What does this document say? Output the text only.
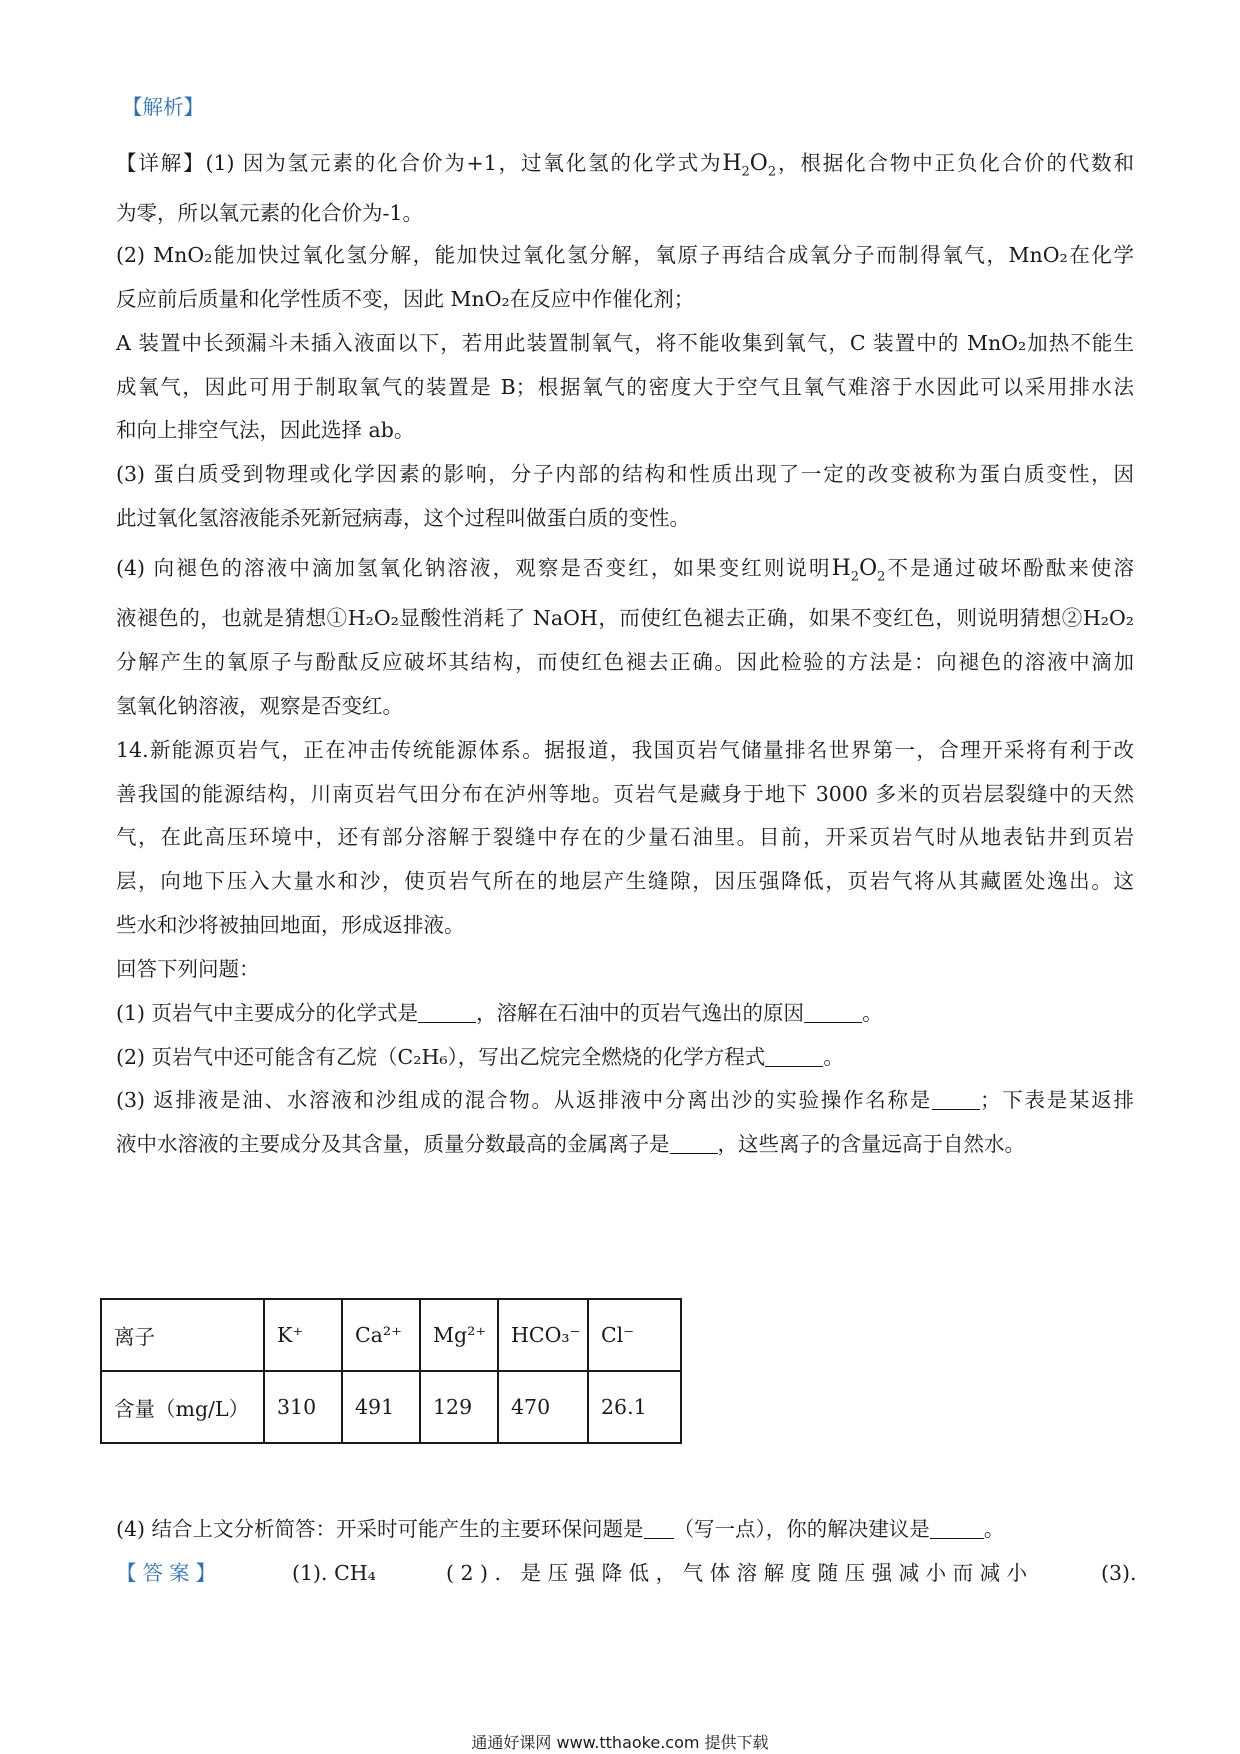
【解析】
【详解】(1) 因为氢元素的化合价为+1，过氧化氢的化学式为$H_2O_2$，根据化合物中正负化合价的代数和
为零，所以氧元素的化合价为-1。
(2) MnO₂能加快过氧化氢分解，能加快过氧化氢分解，氧原子再结合成氧分子而制得氧气，MnO₂在化学
反应前后质量和化学性质不变，因此 MnO₂在反应中作催化剂；
A 装置中长颈漏斗未插入液面以下，若用此装置制氧气，将不能收集到氧气，C 装置中的 MnO₂加热不能生
成氧气，因此可用于制取氧气的装置是 B；根据氧气的密度大于空气且氧气难溶于水因此可以采用排水法
和向上排空气法，因此选择 ab。
(3) 蛋白质受到物理或化学因素的影响，分子内部的结构和性质出现了一定的改变被称为蛋白质变性，因
此过氧化氢溶液能杀死新冠病毒，这个过程叫做蛋白质的变性。
(4) 向褪色的溶液中滴加氢氧化钠溶液，观察是否变红，如果变红则说明$H_2O_2$不是通过破坏酚酞来使溶
液褪色的，也就是猜想①H₂O₂显酸性消耗了 NaOH，而使红色褪去正确，如果不变红色，则说明猜想②H₂O₂
分解产生的氧原子与酚酞反应破坏其结构，而使红色褪去正确。因此检验的方法是：向褪色的溶液中滴加
氢氧化钠溶液，观察是否变红。
14.新能源页岩气，正在冲击传统能源体系。据报道，我国页岩气储量排名世界第一，合理开采将有利于改
善我国的能源结构，川南页岩气田分布在泸州等地。页岩气是藏身于地下 3000 多米的页岩层裂缝中的天然
气，在此高压环境中，还有部分溶解于裂缝中存在的少量石油里。目前，开采页岩气时从地表钻井到页岩
层，向地下压入大量水和沙，使页岩气所在的地层产生缝隙，因压强降低，页岩气将从其藏匿处逸出。这
些水和沙将被抽回地面，形成返排液。
回答下列问题：
(1) 页岩气中主要成分的化学式是	，溶解在石油中的页岩气逸出的原因	。
(2) 页岩气中还可能含有乙烷（C₂H₆），写出乙烷完全燃烧的化学方程式	。
(3) 返排液是油、水溶液和沙组成的混合物。从返排液中分离出沙的实验操作名称是 ；下表是某返排
液中水溶液的主要成分及其含量，质量分数最高的金属离子是 ，这些离子的含量远高于自然水。
离子	K⁺	Ca²⁺	Mg²⁺	HCO₃⁻	Cl⁻
含量（mg/L）	310	491	129	470	26.1
(4) 结合上文分析简答：开采时可能产生的主要环保问题是 （写一点），你的解决建议是	。
【答案】	(1). CH₄	(2). 是压强降低，气体溶解度随压强减小而减小	(3).
通通好课网 www.tthaoke.com 提供下载
